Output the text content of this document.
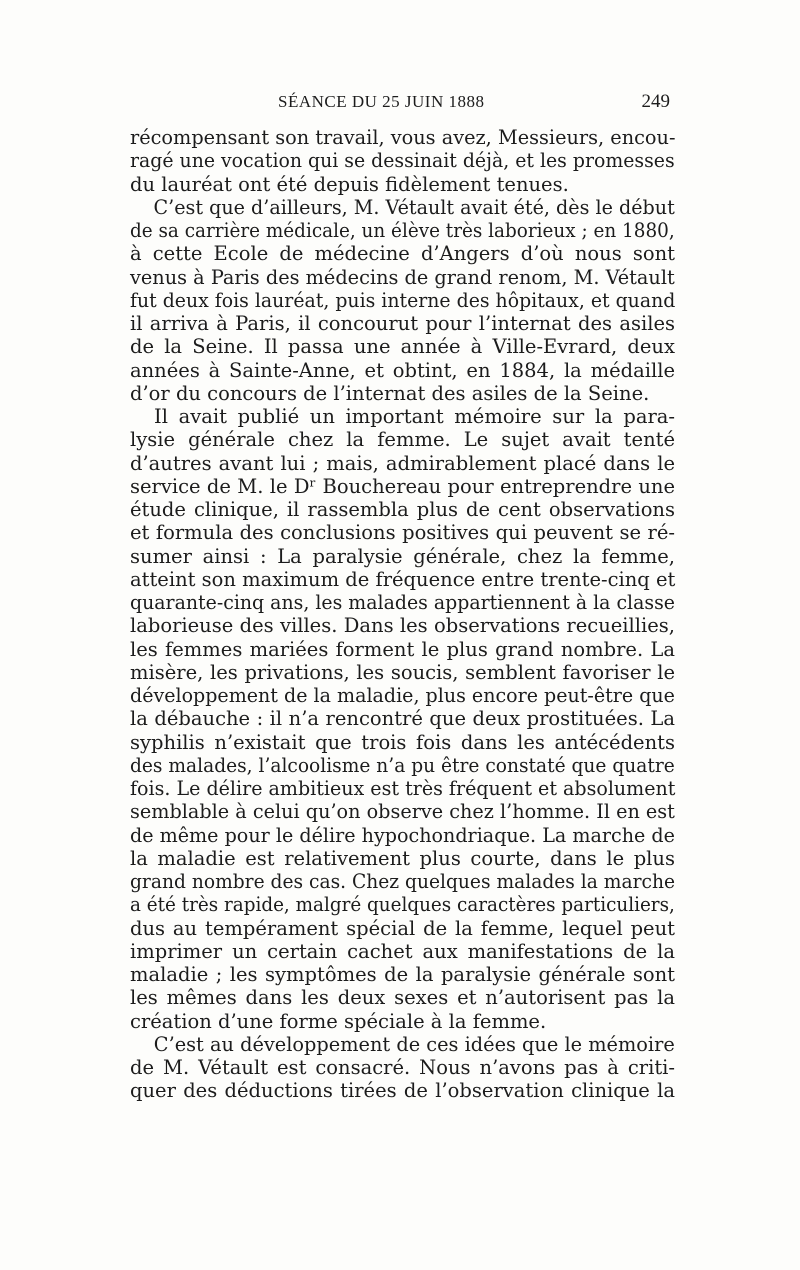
SÉANCE DU 25 JUIN 1888	249
récompensant son travail, vous avez, Messieurs, encou-
ragé une vocation qui se dessinait déjà, et les promesses
du lauréat ont été depuis fidèlement tenues.
C’est que d’ailleurs, M. Vétault avait été, dès le début
de sa carrière médicale, un élève très laborieux ; en 1880,
à cette Ecole de médecine d’Angers d’où nous sont
venus à Paris des médecins de grand renom, M. Vétault
fut deux fois lauréat, puis interne des hôpitaux, et quand
il arriva à Paris, il concourut pour l’internat des asiles
de la Seine. Il passa une année à Ville-Evrard, deux
années à Sainte-Anne, et obtint, en 1884, la médaille
d’or du concours de l’internat des asiles de la Seine.
Il avait publié un important mémoire sur la para-
lysie générale chez la femme. Le sujet avait tenté
d’autres avant lui ; mais, admirablement placé dans le
service de M. le Dʳ Bouchereau pour entreprendre une
étude clinique, il rassembla plus de cent observations
et formula des conclusions positives qui peuvent se ré-
sumer ainsi : La paralysie générale, chez la femme,
atteint son maximum de fréquence entre trente-cinq et
quarante-cinq ans, les malades appartiennent à la classe
laborieuse des villes. Dans les observations recueillies,
les femmes mariées forment le plus grand nombre. La
misère, les privations, les soucis, semblent favoriser le
développement de la maladie, plus encore peut-être que
la débauche : il n’a rencontré que deux prostituées. La
syphilis n’existait que trois fois dans les antécédents
des malades, l’alcoolisme n’a pu être constaté que quatre
fois. Le délire ambitieux est très fréquent et absolument
semblable à celui qu’on observe chez l’homme. Il en est
de même pour le délire hypochondriaque. La marche de
la maladie est relativement plus courte, dans le plus
grand nombre des cas. Chez quelques malades la marche
a été très rapide, malgré quelques caractères particuliers,
dus au tempérament spécial de la femme, lequel peut
imprimer un certain cachet aux manifestations de la
maladie ; les symptômes de la paralysie générale sont
les mêmes dans les deux sexes et n’autorisent pas la
création d’une forme spéciale à la femme.
C’est au développement de ces idées que le mémoire
de M. Vétault est consacré. Nous n’avons pas à criti-
quer des déductions tirées de l’observation clinique la
